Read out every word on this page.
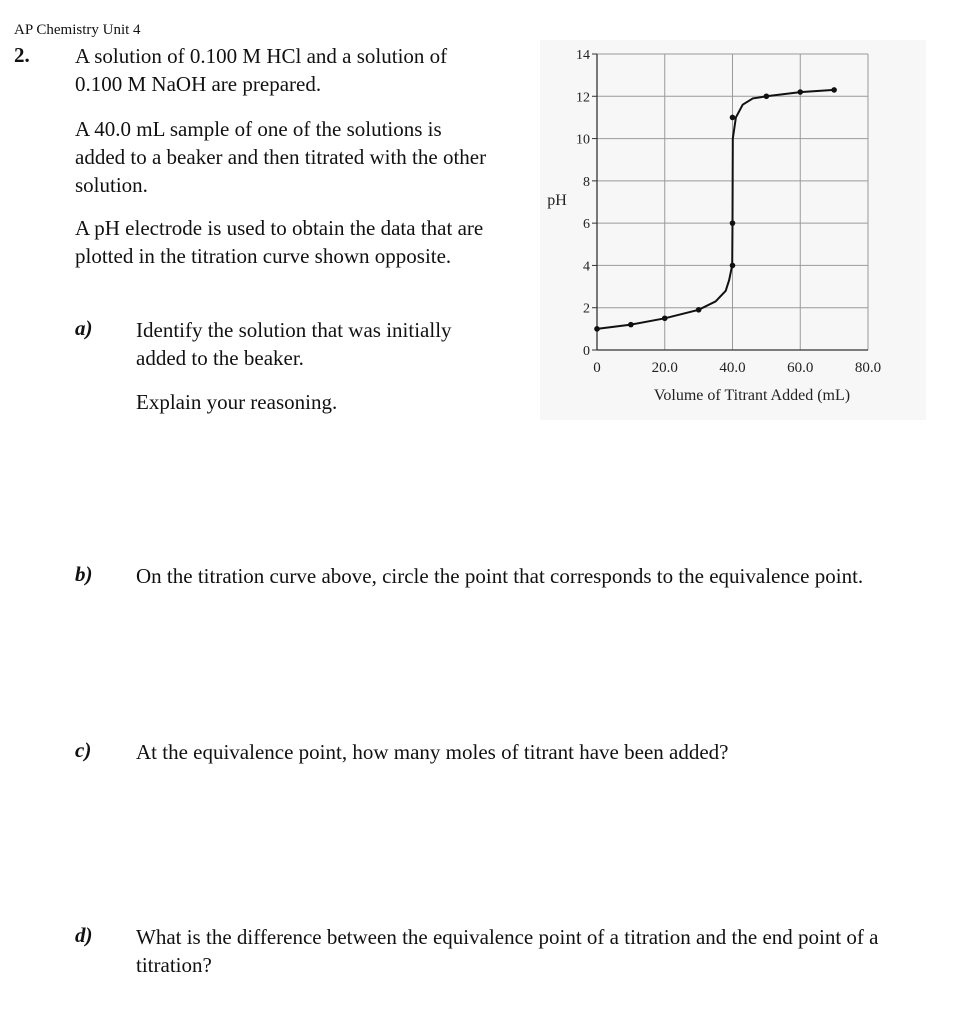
AP Chemistry Unit 4
2. A solution of 0.100 M HCl and a solution of 0.100 M NaOH are prepared.

A 40.0 mL sample of one of the solutions is added to a beaker and then titrated with the other solution.

A pH electrode is used to obtain the data that are plotted in the titration curve shown opposite.

a) Identify the solution that was initially added to the beaker.

Explain your reasoning.

b) On the titration curve above, circle the point that corresponds to the equivalence point.

c) At the equivalence point, how many moles of titrant have been added?

d) What is the difference between the equivalence point of a titration and the end point of a titration?

0
2
4
6
8
10
12
14
0	20.0	40.0	60.0	80.0
pH
Volume of Titrant Added (mL)
